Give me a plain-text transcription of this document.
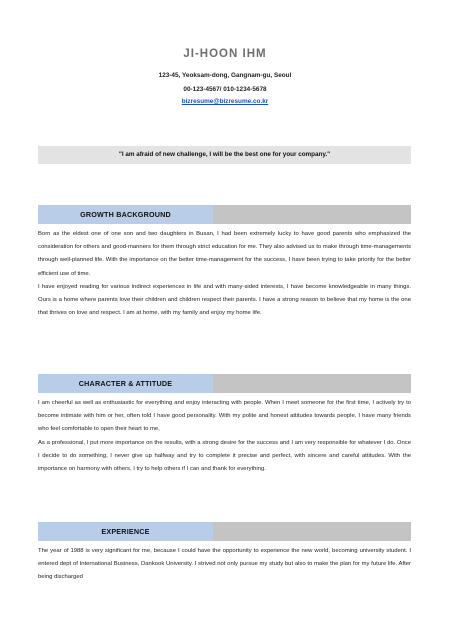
JI-HOON IHM
123-45, Yeoksam-dong, Gangnam-gu, Seoul
00-123-4567/ 010-1234-5678
bizresume@bizresume.co.kr
"I am afraid of new challenge, I will be the best one for your company."
GROWTH BACKGROUND

Born as the eldest one of one son and two daughters in Busan, I had been extremely lucky to have good parents who emphasized the consideration for others and good-manners for them through strict education for me. They also advised us to make through time-managements through well-planned life. With the importance on the better time-management for the success, I have been trying to take priority for the better efficient use of time.

I have enjoyed reading for various indirect experiences in life and with many-sided interests, I have become knowledgeable in many things. Ours is a home where parents love their children and children respect their parents. I have a strong reason to believe that my home is the one that thrives on love and respect. I am at home, with my family and enjoy my home life.

CHARACTER & ATTITUDE

I am cheerful as well as enthusiastic for everything and enjoy interacting with people. When I meet someone for the first time, I actively try to become intimate with him or her, often told I have good personality. With my polite and honest attitudes towards people, I have many friends who feel comfortable to open their heart to me,

As a professional, I put more importance on the results, with a strong desire for the success and I am very responsible for whatever I do. Once I decide to do something, I never give up halfway and try to complete it precise and perfect, with sincere and careful attitudes. With the importance on harmony with others, I try to help others if I can and thank for everything.

EXPERIENCE

The year of 1988 is very significant for me, because I could have the opportunity to experience the new world, becoming university student. I entered dept of International Business, Dankook University. I strived not only pursue my study but also to make the plan for my future life. After being discharged
